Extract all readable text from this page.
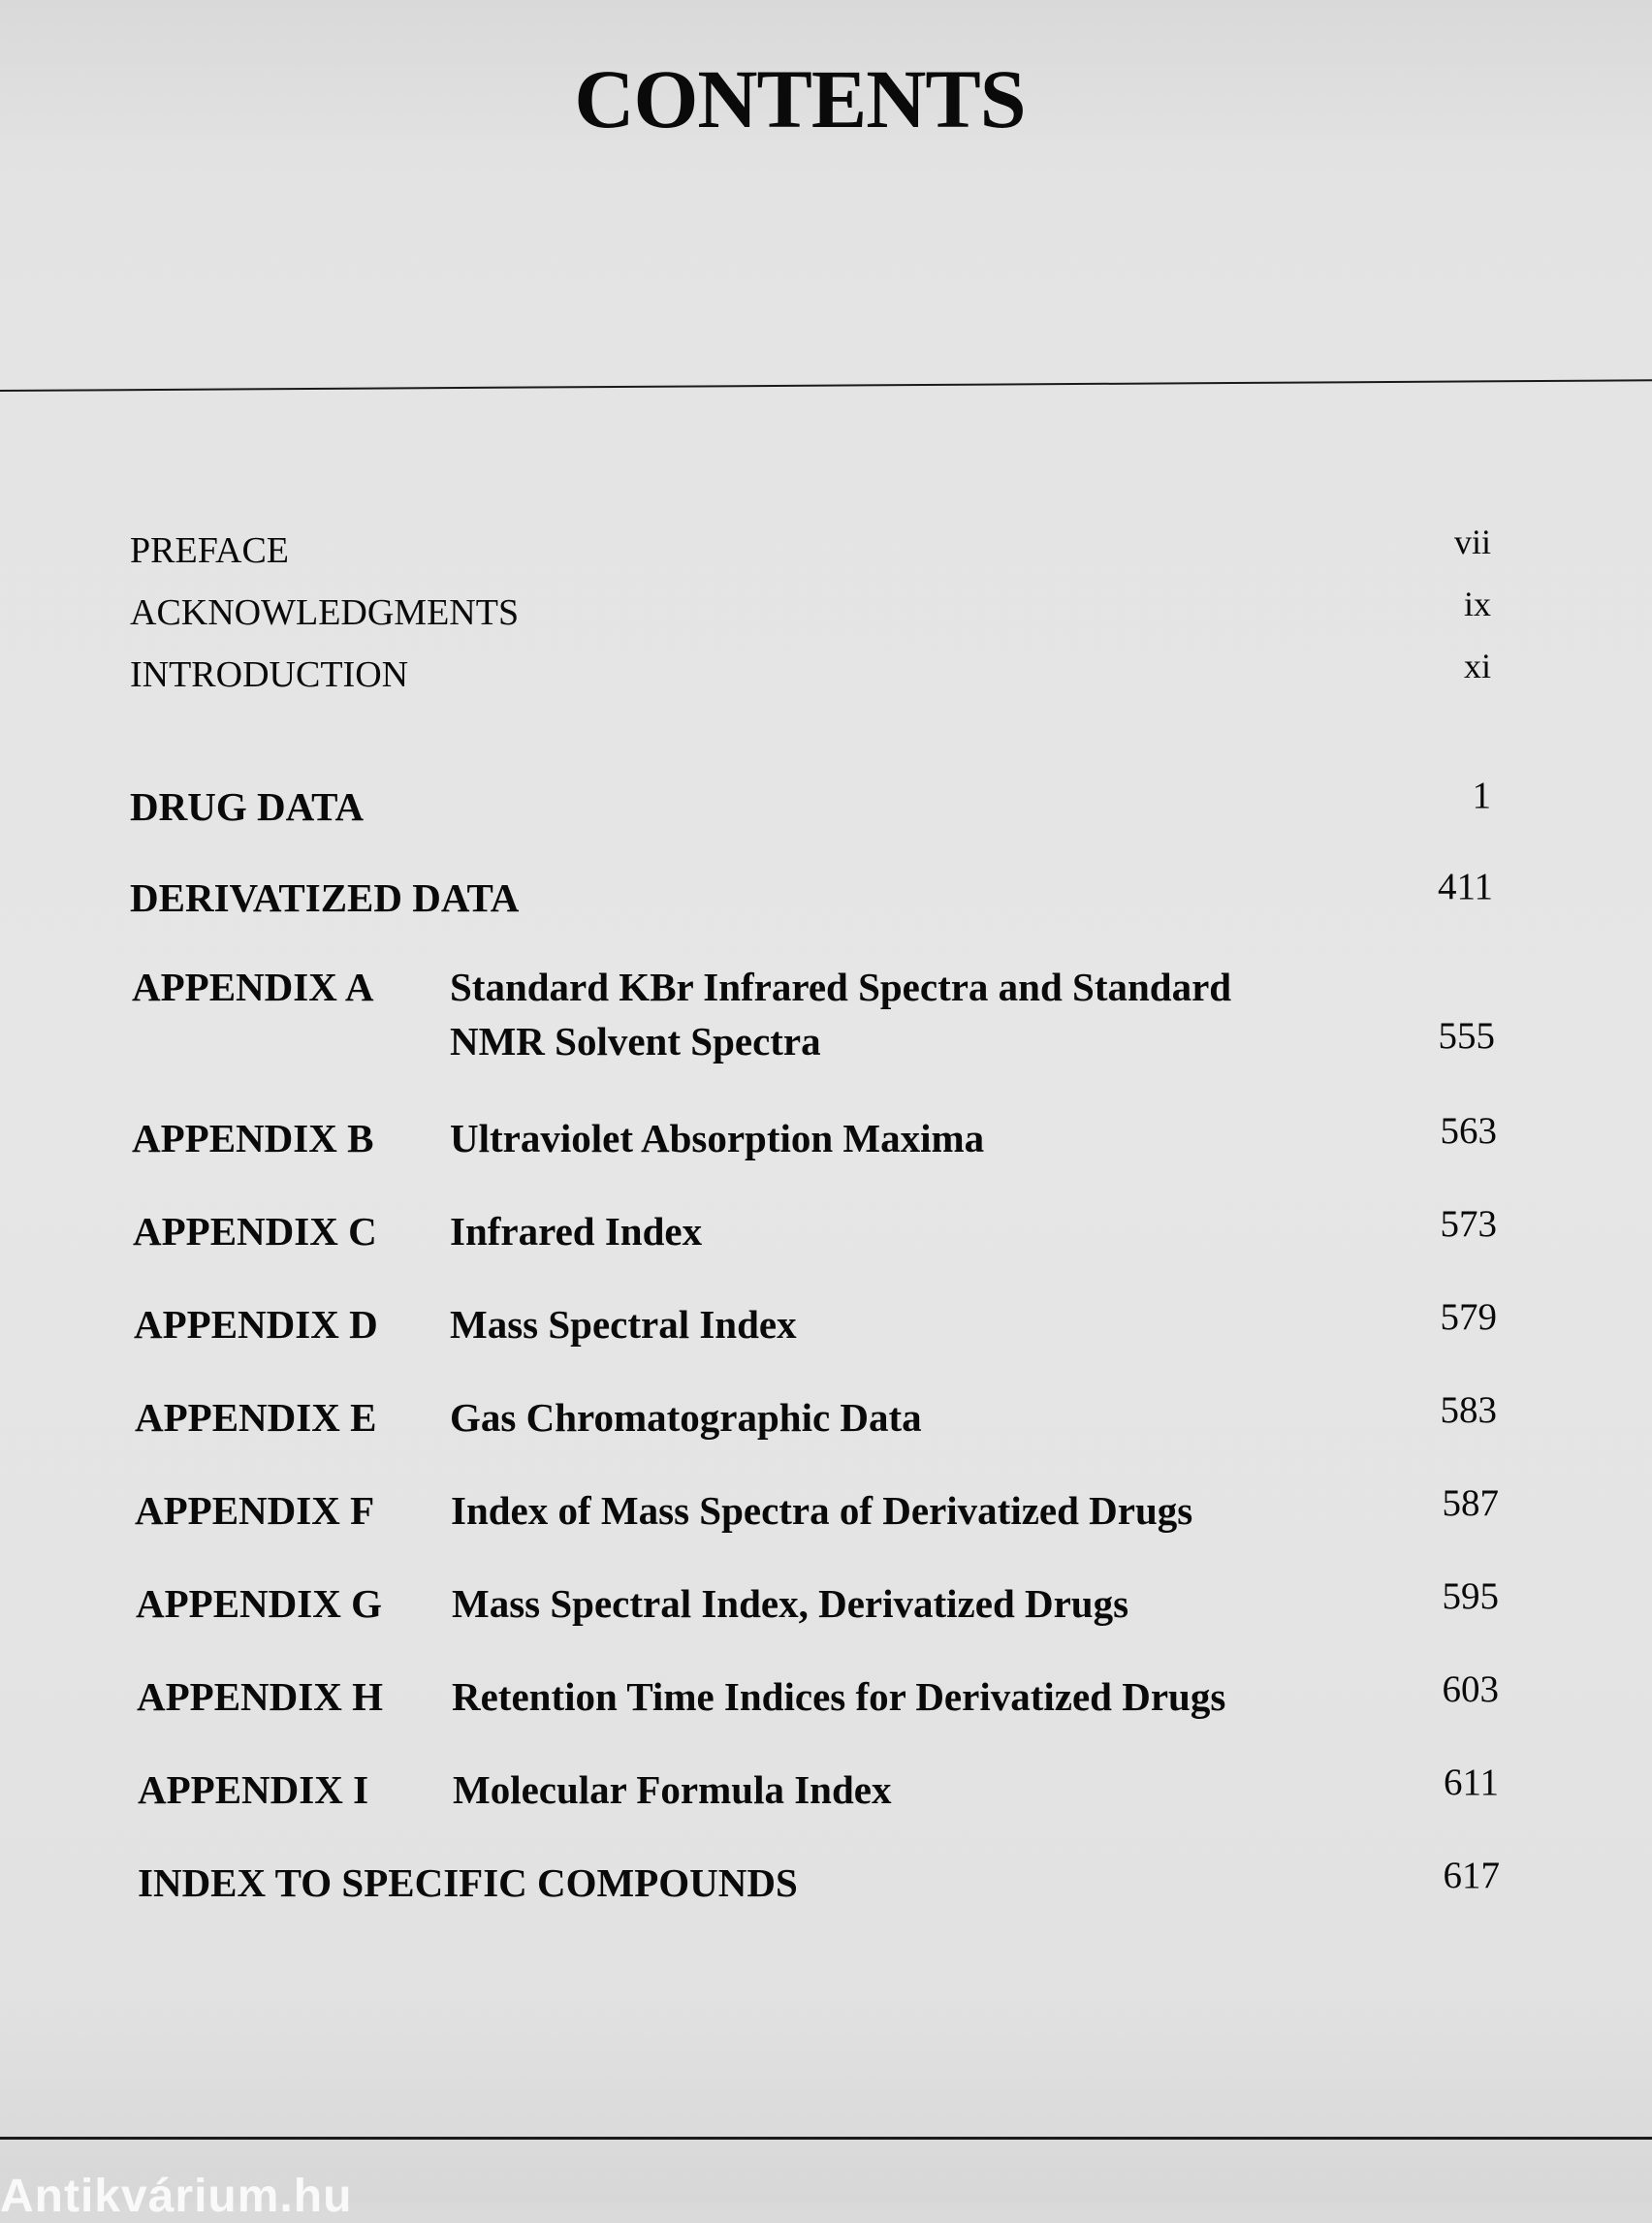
CONTENTS
PREFACE	vii
ACKNOWLEDGMENTS	ix
INTRODUCTION	xi
DRUG DATA	1
DERIVATIZED DATA	411
APPENDIX A Standard KBr Infrared Spectra and Standard
NMR Solvent Spectra	555
APPENDIX B Ultraviolet Absorption Maxima	563
APPENDIX C Infrared Index	573
APPENDIX D Mass Spectral Index	579
APPENDIX E Gas Chromatographic Data	583
APPENDIX F Index of Mass Spectra of Derivatized Drugs	587
APPENDIX G Mass Spectral Index, Derivatized Drugs	595
APPENDIX H Retention Time Indices for Derivatized Drugs	603
APPENDIX I Molecular Formula Index	611
INDEX TO SPECIFIC COMPOUNDS	617
Antikvárium.hu
